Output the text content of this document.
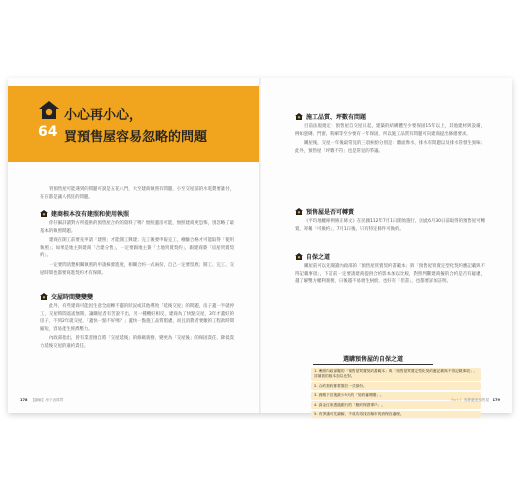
64
小心再小心，
買預售屋容易忽略的問題

買預售屋可能遇到的問題可說是五花八門，大至建商執照有問題，小至交屋前的水電費要誰付，在在都是讓人抓狂的問題。

建商根本沒有建照和使用執照

你仔細詳讀對方所提供的預售屋合約的資料了嗎？無照蓋房可能，無照建商更恐怖，別忽略了最基本的執照問題。

建商在開工前要先申請「建照」才能開工興建；完工後要申報完工，檢驗合格才可能取得「使用執照」；如果是地主與建商「合建分售」，一定要跟地主簽「土地買賣契約」，跟建商簽「房屋買賣契約」。

一定要問清楚相關執照的申請核發進度，相關合約一式兩份，自己一定要留底；開工、完工、交屋時間也都要寫進契約才有保障。

交屋時間變變變

此外，有些建商可能因生意全面轉不靈的狀況或其他導致「延後交屋」的問題，房子蓋一半就停工，交屋時間遙遙無期，讓購屋者有苦說不出，另一種機好相反，建商為了快點交屋，3年才蓋好的房子，不到2年就交屋，「蓋快一點不好嗎？」蓋快一點施工品質堪慮，而且消費者要繳的工程款時間縮短，容易產生經濟壓力。

內政部指出，曾有業者擅自將「交屋延後」的條碼義務，變更為「交屋後」的保固責任，降低責力延後交屋的違約責任。

178 【圖解】房子這樣買
施工品質、坪數有問題

目前法規規定：預售屋自交屋日起，建築的結構體至少要保固15年以上，其他建材與設備，例如瓷磚、門窗、粉刷等至少要有一年保固，所以施工品質有問題可向建商提出修繕要求。

購屋後，交屋一年後最常見的三項糾紛分別是：牆面滲水，排水有問題以及排水管發生異味；此外，預售屋「坪數不符」也是常見的爭議。

預售屋是否可轉賣

《平均地權條例修正條文》在民國112年7月1日開始施行，因此6月30日前取得的預售屋可轉賣，寄稱「可換約」，7月1日後，只有特定條件可換約。

自保之道

購屋前可以先閱讀內政部的「預售屋買賣契約書範本」與「預售屋買賣定型化契約應記載與不得記載事項」，下訂前一定要請建商提供合約影本加以比較，對照判斷建商擬的合約是否有疑慮，越了解雙方權利義務，日後越不易發生糾紛，也好有「但書」，也都要詳加註明。

選購預售屋的自保之道
1. 參照內政部擬的「預售屋買賣契約書範本」與「預售屋買賣定型化契約應記載與不得記載事項」，詳讀我的版本加以比對。
2. 合約契約都要簽註一式兩份。
3. 務期下訂後最少5天的「契約審閱期」。
4. 資金往來透過銀行的「履約保證專戶」。
5. 有爭議可先調解，不成功再找各縣市的消保官處理。
Part 5 有夢最美預售屋 179
